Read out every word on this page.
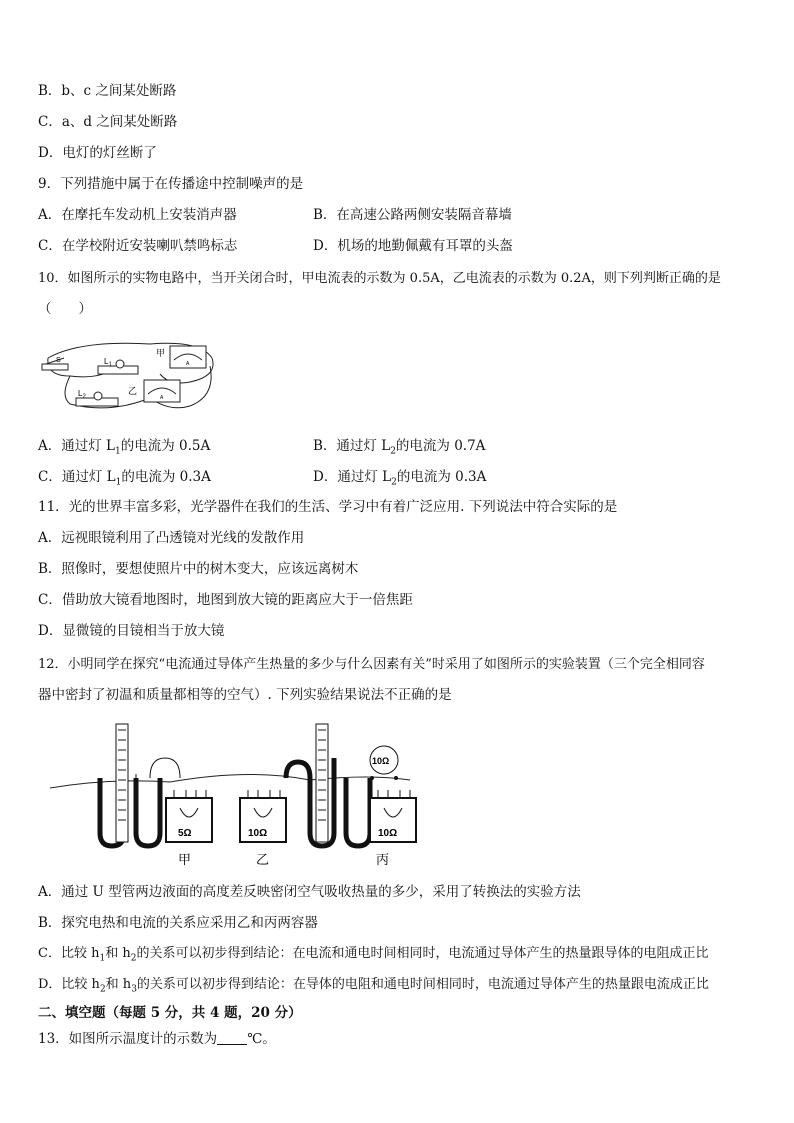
B．b、c 之间某处断路
C．a、d 之间某处断路
D．电灯的灯丝断了
9．下列措施中属于在传播途中控制噪声的是
A．在摩托车发动机上安装消声器	B．在高速公路两侧安装隔音幕墙
C．在学校附近安装喇叭禁鸣标志	D．机场的地勤佩戴有耳罩的头盔
10．如图所示的实物电路中，当开关闭合时，甲电流表的示数为 0.5A，乙电流表的示数为 0.2A，则下列判断正确的是
（　　）
S	$L_1$
$L_2$
A
甲
A
乙
A．通过灯 $L_1$的电流为 0.5A	B．通过灯 $L_2$的电流为 0.7A
C．通过灯 $L_1$的电流为 0.3A	D．通过灯 $L_2$的电流为 0.3A
11．光的世界丰富多彩，光学器件在我们的生活、学习中有着广泛应用. 下列说法中符合实际的是
A．远视眼镜利用了凸透镜对光线的发散作用
B．照像时，要想使照片中的树木变大，应该远离树木
C．借助放大镜看地图时，地图到放大镜的距离应大于一倍焦距
D．显微镜的目镜相当于放大镜
12．小明同学在探究“电流通过导体产生热量的多少与什么因素有关”时采用了如图所示的实验装置（三个完全相同容
器中密封了初温和质量都相等的空气）. 下列实验结果说法不正确的是
5Ω	10Ω
10Ω
10Ω
甲	乙	丙
A．通过 U 型管两边液面的高度差反映密闭空气吸收热量的多少，采用了转换法的实验方法
B．探究电热和电流的关系应采用乙和丙两容器
C．比较 $h_1$和 $h_2$的关系可以初步得到结论：在电流和通电时间相同时，电流通过导体产生的热量跟导体的电阻成正比
D．比较 $h_2$和 $h_3$的关系可以初步得到结论：在导体的电阻和通电时间相同时，电流通过导体产生的热量跟电流成正比
二、填空题（每题 5 分，共 4 题，20 分）
13．如图所示温度计的示数为 ℃。
